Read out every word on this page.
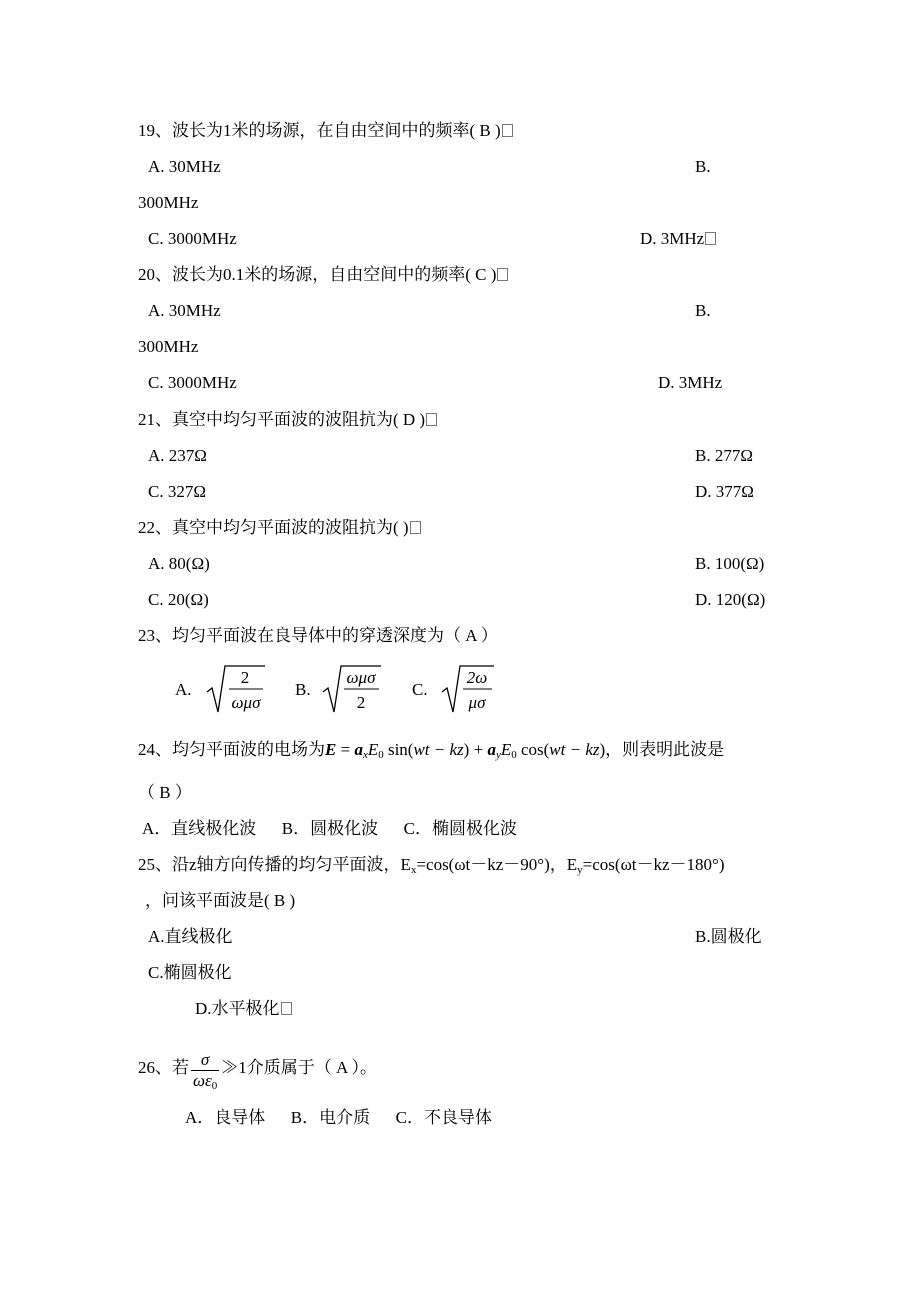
19、波长为1米的场源，在自由空间中的频率( B )
A. 30MHz	B.
300MHz
C. 3000MHz	D. 3MHz
20、波长为0.1米的场源，自由空间中的频率( C )
A. 30MHz	B.
300MHz
C. 3000MHz	D. 3MHz
21、真空中均匀平面波的波阻抗为( D )
A. 237Ω	B. 277Ω
C. 327Ω	D. 377Ω
22、真空中均匀平面波的波阻抗为( )
A. 80(Ω)	B. 100(Ω)
C. 20(Ω)	D. 120(Ω)
23、均匀平面波在良导体中的穿透深度为（ A ）
A.
2
ωμσ
B.
ωμσ
2
C.
2ω
μσ
24、均匀平面波的电场为$E = a_xE_0$ $\sin(wt - kz) + a_yE_0$ cos(wt − kz)，则表明此波是
（ B ）
A．直线极化波 　 B．圆极化波 　 C．椭圆极化波
25、沿z轴方向传播的均匀平面波，$E_x=\cos(\omega t-kz-90^\circ)$，$E_y=\cos(\omega t-kz-180^\circ)$
，问该平面波是( B )
A.直线极化	B.圆极化
C.椭圆极化
D.水平极化
26、若 $\frac{\sigma}{\omega\varepsilon_0}$ ≫1介质属于（ A ）。
A．良导体 　 B．电介质 　 C．不良导体
